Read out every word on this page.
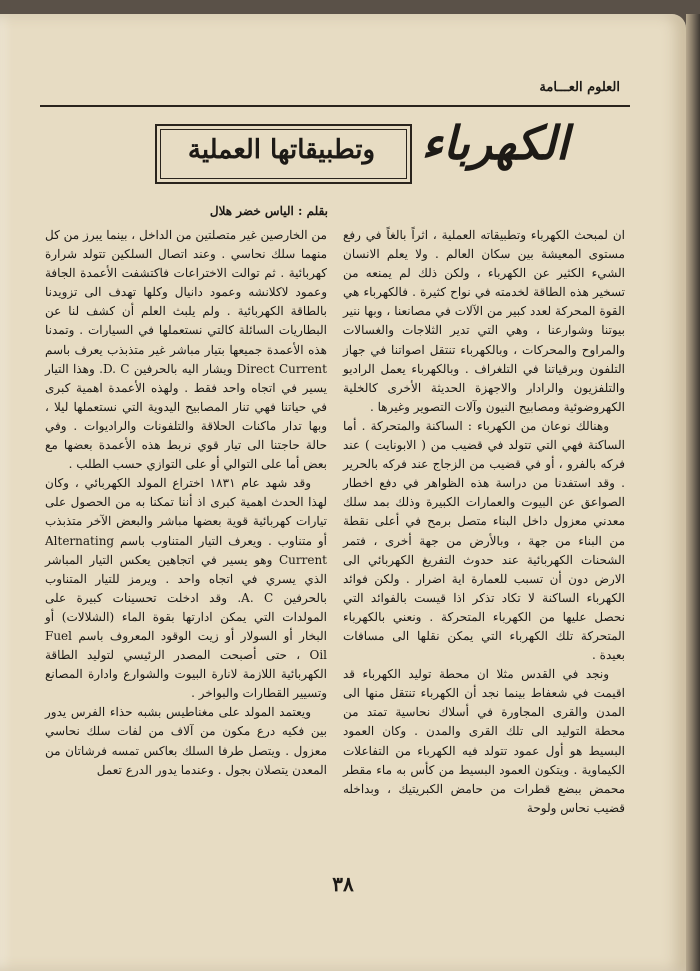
العلوم العـــامة
وتطبيقاتها العملية	الكهرباء
بقلم : الياس خضر هلال

ان لمبحث الكهرباء وتطبيقاته العملية ، اثراً بالغاً في رفع مستوى المعيشة بين سكان العالم . ولا يعلم الانسان الشيء الكثير عن الكهرباء ، ولكن ذلك لم يمنعه من تسخير هذه الطاقة لخدمته في نواح كثيرة . فالكهرباء هي القوة المحركة لعدد كبير من الآلات في مصانعنا ، وبها ننير بيوتنا وشوارعنا ، وهي التي تدير الثلاجات والغسالات والمراوح والمحركات ، وبالكهرباء تنتقل اصواتنا في جهاز التلفون وبرقياتنا في التلغراف . وبالكهرباء يعمل الراديو والتلفزيون والرادار والاجهزة الحديثة الأخرى كالخلية الكهروضوئية ومصابيح النيون وآلات التصوير وغيرها .

وهنالك نوعان من الكهرباء : الساكنة والمتحركة . أما الساكنة فهي التي تتولد في قضيب من ( الابونايت ) عند فركه بالفرو ، أو في قضيب من الزجاج عند فركه بالحرير . وقد استفدنا من دراسة هذه الظواهر في دفع اخطار الصواعق عن البيوت والعمارات الكبيرة وذلك بمد سلك معدني معزول داخل البناء متصل برمح في أعلى نقطة من البناء من جهة ، وبالأرض من جهة أخرى ، فتمر الشحنات الكهربائية عند حدوث التفريغ الكهربائي الى الارض دون أن تسبب للعمارة اية اضرار . ولكن فوائد الكهرباء الساكنة لا تكاد تذكر اذا قيست بالفوائد التي نحصل عليها من الكهرباء المتحركة . ونعني بالكهرباء المتحركة تلك الكهرباء التي يمكن نقلها الى مسافات بعيدة .

ونجد في القدس مثلا ان محطة توليد الكهرباء قد اقيمت في شعفاط بينما نجد أن الكهرباء تنتقل منها الى المدن والقرى المجاورة في أسلاك نحاسية تمتد من محطة التوليد الى تلك القرى والمدن . وكان العمود البسيط هو أول عمود تتولد فيه الكهرباء من التفاعلات الكيماوية . ويتكون العمود البسيط من كأس به ماء مقطر محمض ببضع قطرات من حامض الكبريتيك ، وبداخله قضيب نحاس ولوحة

من الخارصين غير متصلتين من الداخل ، بينما يبرز من كل منهما سلك نحاسي . وعند اتصال السلكين تتولد شرارة كهربائية . ثم توالت الاختراعات فاكتشفت الأعمدة الجافة وعمود لاكلانشه وعمود دانيال وكلها تهدف الى تزويدنا بالطاقة الكهربائية . ولم يلبث العلم أن كشف لنا عن البطاريات السائلة كالتي نستعملها في السيارات . وتمدنا هذه الأعمدة جميعها بتيار مباشر غير متذبذب يعرف باسم Direct Current ويشار اليه بالحرفين D. C. وهذا التيار يسير في اتجاه واحد فقط . ولهذه الأعمدة اهمية كبرى في حياتنا فهي تنار المصابيح اليدوية التي نستعملها ليلا ، وبها تدار ماكنات الحلاقة والتلفونات والراديوات . وفي حالة حاجتنا الى تيار قوي نربط هذه الأعمدة بعضها مع بعض أما على التوالي أو على التوازي حسب الطلب .

وقد شهد عام ١٨٣١ اختراع المولد الكهربائي ، وكان لهذا الحدث اهمية كبرى اذ أننا تمكنا به من الحصول على تيارات كهربائية قوية بعضها مباشر والبعض الآخر متذبذب أو متناوب . ويعرف التيار المتناوب باسم Alternating Current وهو يسير في اتجاهين يعكس التيار المباشر الذي يسري في اتجاه واحد . ويرمز للتيار المتناوب بالحرفين A. C. وقد ادخلت تحسينات كبيرة على المولدات التي يمكن ادارتها بقوة الماء (الشلالات) أو البخار أو السولار أو زيت الوقود المعروف باسم Fuel Oil ، حتى أصبحت المصدر الرئيسي لتوليد الطاقة الكهربائية اللازمة لانارة البيوت والشوارع وادارة المصانع وتسيير القطارات والبواخر .

ويعتمد المولد على مغناطيس بشبه حذاء الفرس يدور بين فكيه درع مكون من آلاف من لفات سلك نحاسي معزول . ويتصل طرفا السلك بعاكس تمسه فرشاتان من المعدن يتصلان بجول . وعندما يدور الدرع تعمل

٣٨
